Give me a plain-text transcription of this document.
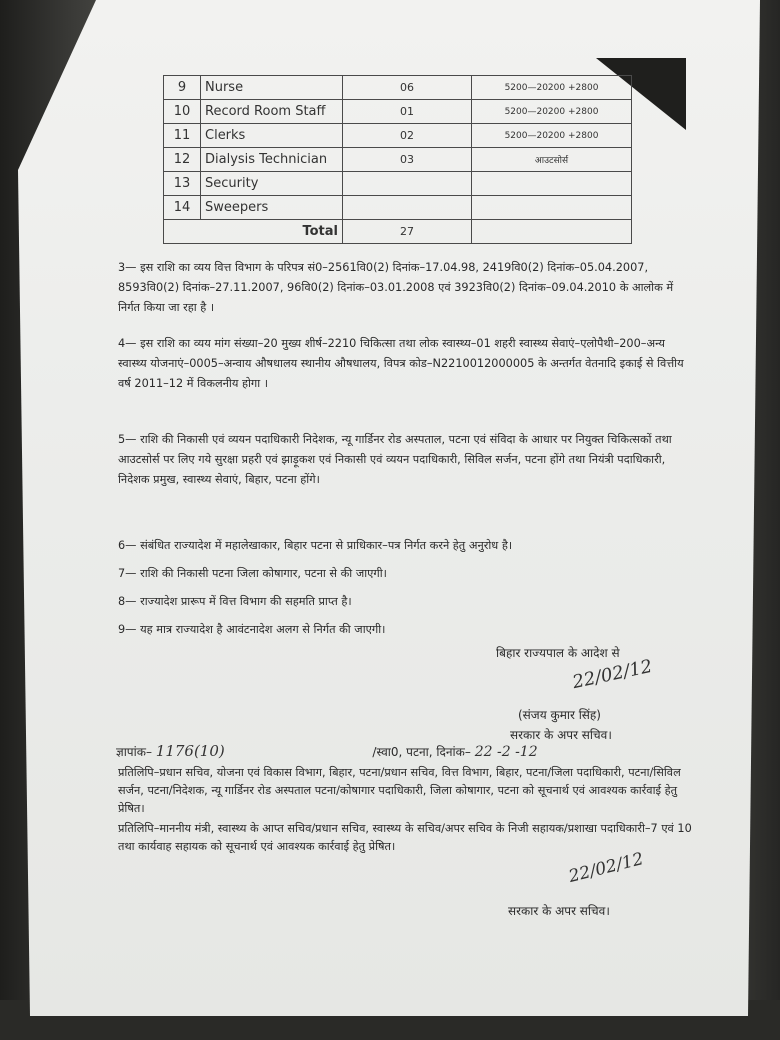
9	Nurse	06	5200—20200 +2800
10	Record Room Staff	01	5200—20200 +2800
11	Clerks	02	5200—20200 +2800
12	Dialysis Technician	03	आउटसोर्स
13	Security		
14	Sweepers		
Total		27	
3— इस राशि का व्यय वित्त विभाग के परिपत्र सं0–2561वि0(2) दिनांक–17.04.98, 2419वि0(2) दिनांक–05.04.2007, 8593वि0(2) दिनांक–27.11.2007, 96वि0(2) दिनांक–03.01.2008 एवं 3923वि0(2) दिनांक–09.04.2010 के आलोक में निर्गत किया जा रहा है ।
4— इस राशि का व्यय मांग संख्या–20 मुख्य शीर्ष–2210 चिकित्सा तथा लोक स्वास्थ्य–01 शहरी स्वास्थ्य सेवाएं–एलोपैथी–200–अन्य स्वास्थ्य योजनाएं–0005–अन्वाय औषधालय स्थानीय औषधालय, विपत्र कोड–N2210012000005 के अन्तर्गत वेतनादि इकाई से वित्तीय वर्ष 2011–12 में विकलनीय होगा ।
5— राशि की निकासी एवं व्ययन पदाधिकारी निदेशक, न्यू गार्डिनर रोड अस्पताल, पटना एवं संविदा के आधार पर नियुक्त चिकित्सकों तथा आउटसोर्स पर लिए गये सुरक्षा प्रहरी एवं झाड़ूकश एवं निकासी एवं व्ययन पदाधिकारी, सिविल सर्जन, पटना होंगे तथा नियंत्री पदाधिकारी, निदेशक प्रमुख, स्वास्थ्य सेवाएं, बिहार, पटना होंगे।
6— संबंधित राज्यादेश में महालेखाकार, बिहार पटना से प्राधिकार–पत्र निर्गत करने हेतु अनुरोध है।
7— राशि की निकासी पटना जिला कोषागार, पटना से की जाएगी।
8— राज्यादेश प्रारूप में वित्त विभाग की सहमति प्राप्त है।
9— यह मात्र राज्यादेश है आवंटनादेश अलग से निर्गत की जाएगी।
बिहार राज्यपाल के आदेश से
22/02/12
(संजय कुमार सिंह)
सरकार के अपर सचिव।
ज्ञापांक– 1176(10)	/स्वा0, पटना, दिनांक– 22 -2 -12
प्रतिलिपि–प्रधान सचिव, योजना एवं विकास विभाग, बिहार, पटना/प्रधान सचिव, वित्त विभाग, बिहार, पटना/जिला पदाधिकारी, पटना/सिविल सर्जन, पटना/निदेशक, न्यू गार्डिनर रोड अस्पताल पटना/कोषागार पदाधिकारी, जिला कोषागार, पटना को सूचनार्थ एवं आवश्यक कार्रवाई हेतु प्रेषित।
प्रतिलिपि–माननीय मंत्री, स्वास्थ्य के आप्त सचिव/प्रधान सचिव, स्वास्थ्य के सचिव/अपर सचिव के निजी सहायक/प्रशाखा पदाधिकारी–7 एवं 10 तथा कार्यवाह सहायक को सूचनार्थ एवं आवश्यक कार्रवाई हेतु प्रेषित।
22/02/12
सरकार के अपर सचिव।
